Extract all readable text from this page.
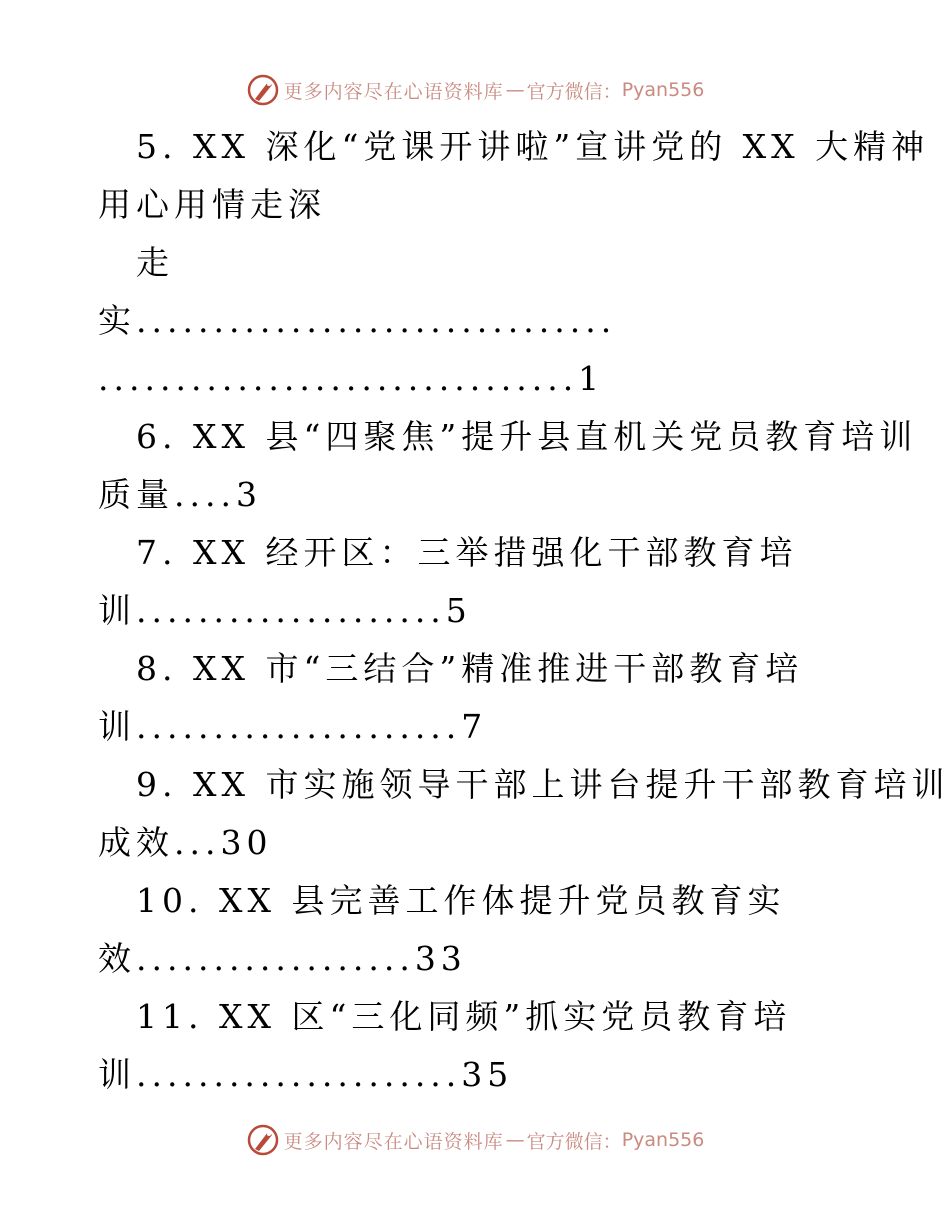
更多内容尽在心语资料库 — 官方微信： Pyan556
5. XX 深化“党课开讲啦”宣讲党的 XX 大精神
用心用情走深
走
实...............................
...............................1
6. XX 县“四聚焦”提升县直机关党员教育培训
质量....3
7. XX 经开区：三举措强化干部教育培
训....................5
8. XX 市“三结合”精准推进干部教育培
训.....................7
9. XX 市实施领导干部上讲台提升干部教育培训
成效...30
10. XX 县完善工作体提升党员教育实
效..................33
11. XX 区“三化同频”抓实党员教育培
训.....................35
更多内容尽在心语资料库 — 官方微信： Pyan556
